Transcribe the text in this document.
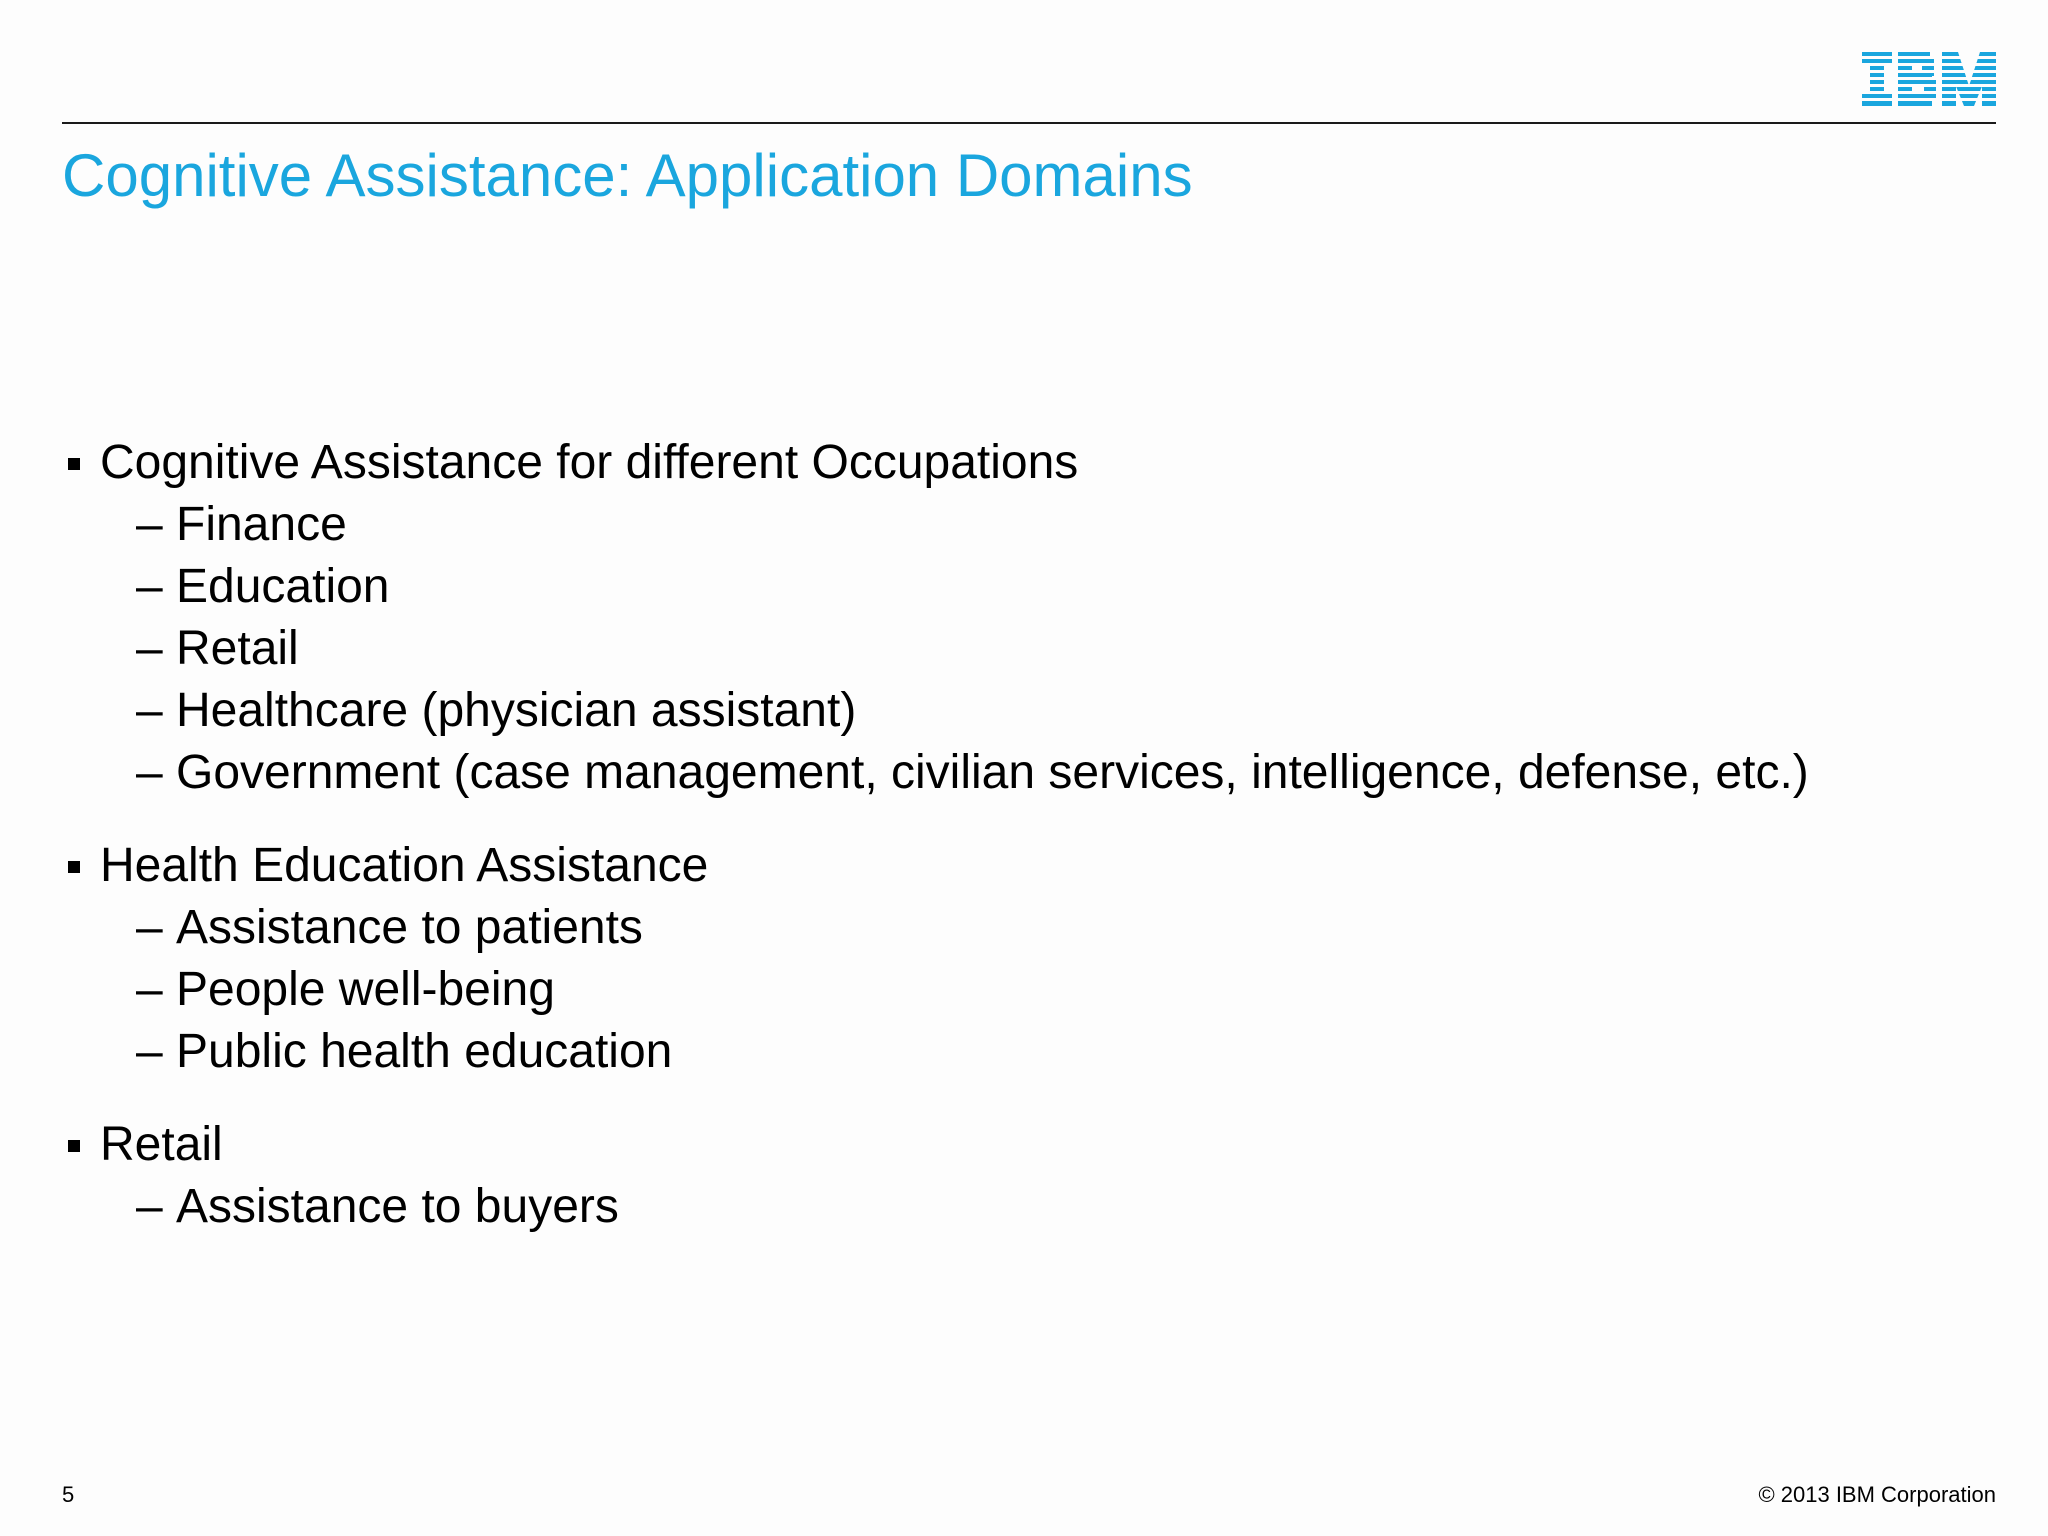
Cognitive Assistance: Application Domains
Cognitive Assistance for different Occupations
– Finance
– Education
– Retail
– Healthcare (physician assistant)
– Government (case management, civilian services, intelligence, defense, etc.)
Health Education Assistance
– Assistance to patients
– People well-being
– Public health education
Retail
– Assistance to buyers
5	© 2013 IBM Corporation
